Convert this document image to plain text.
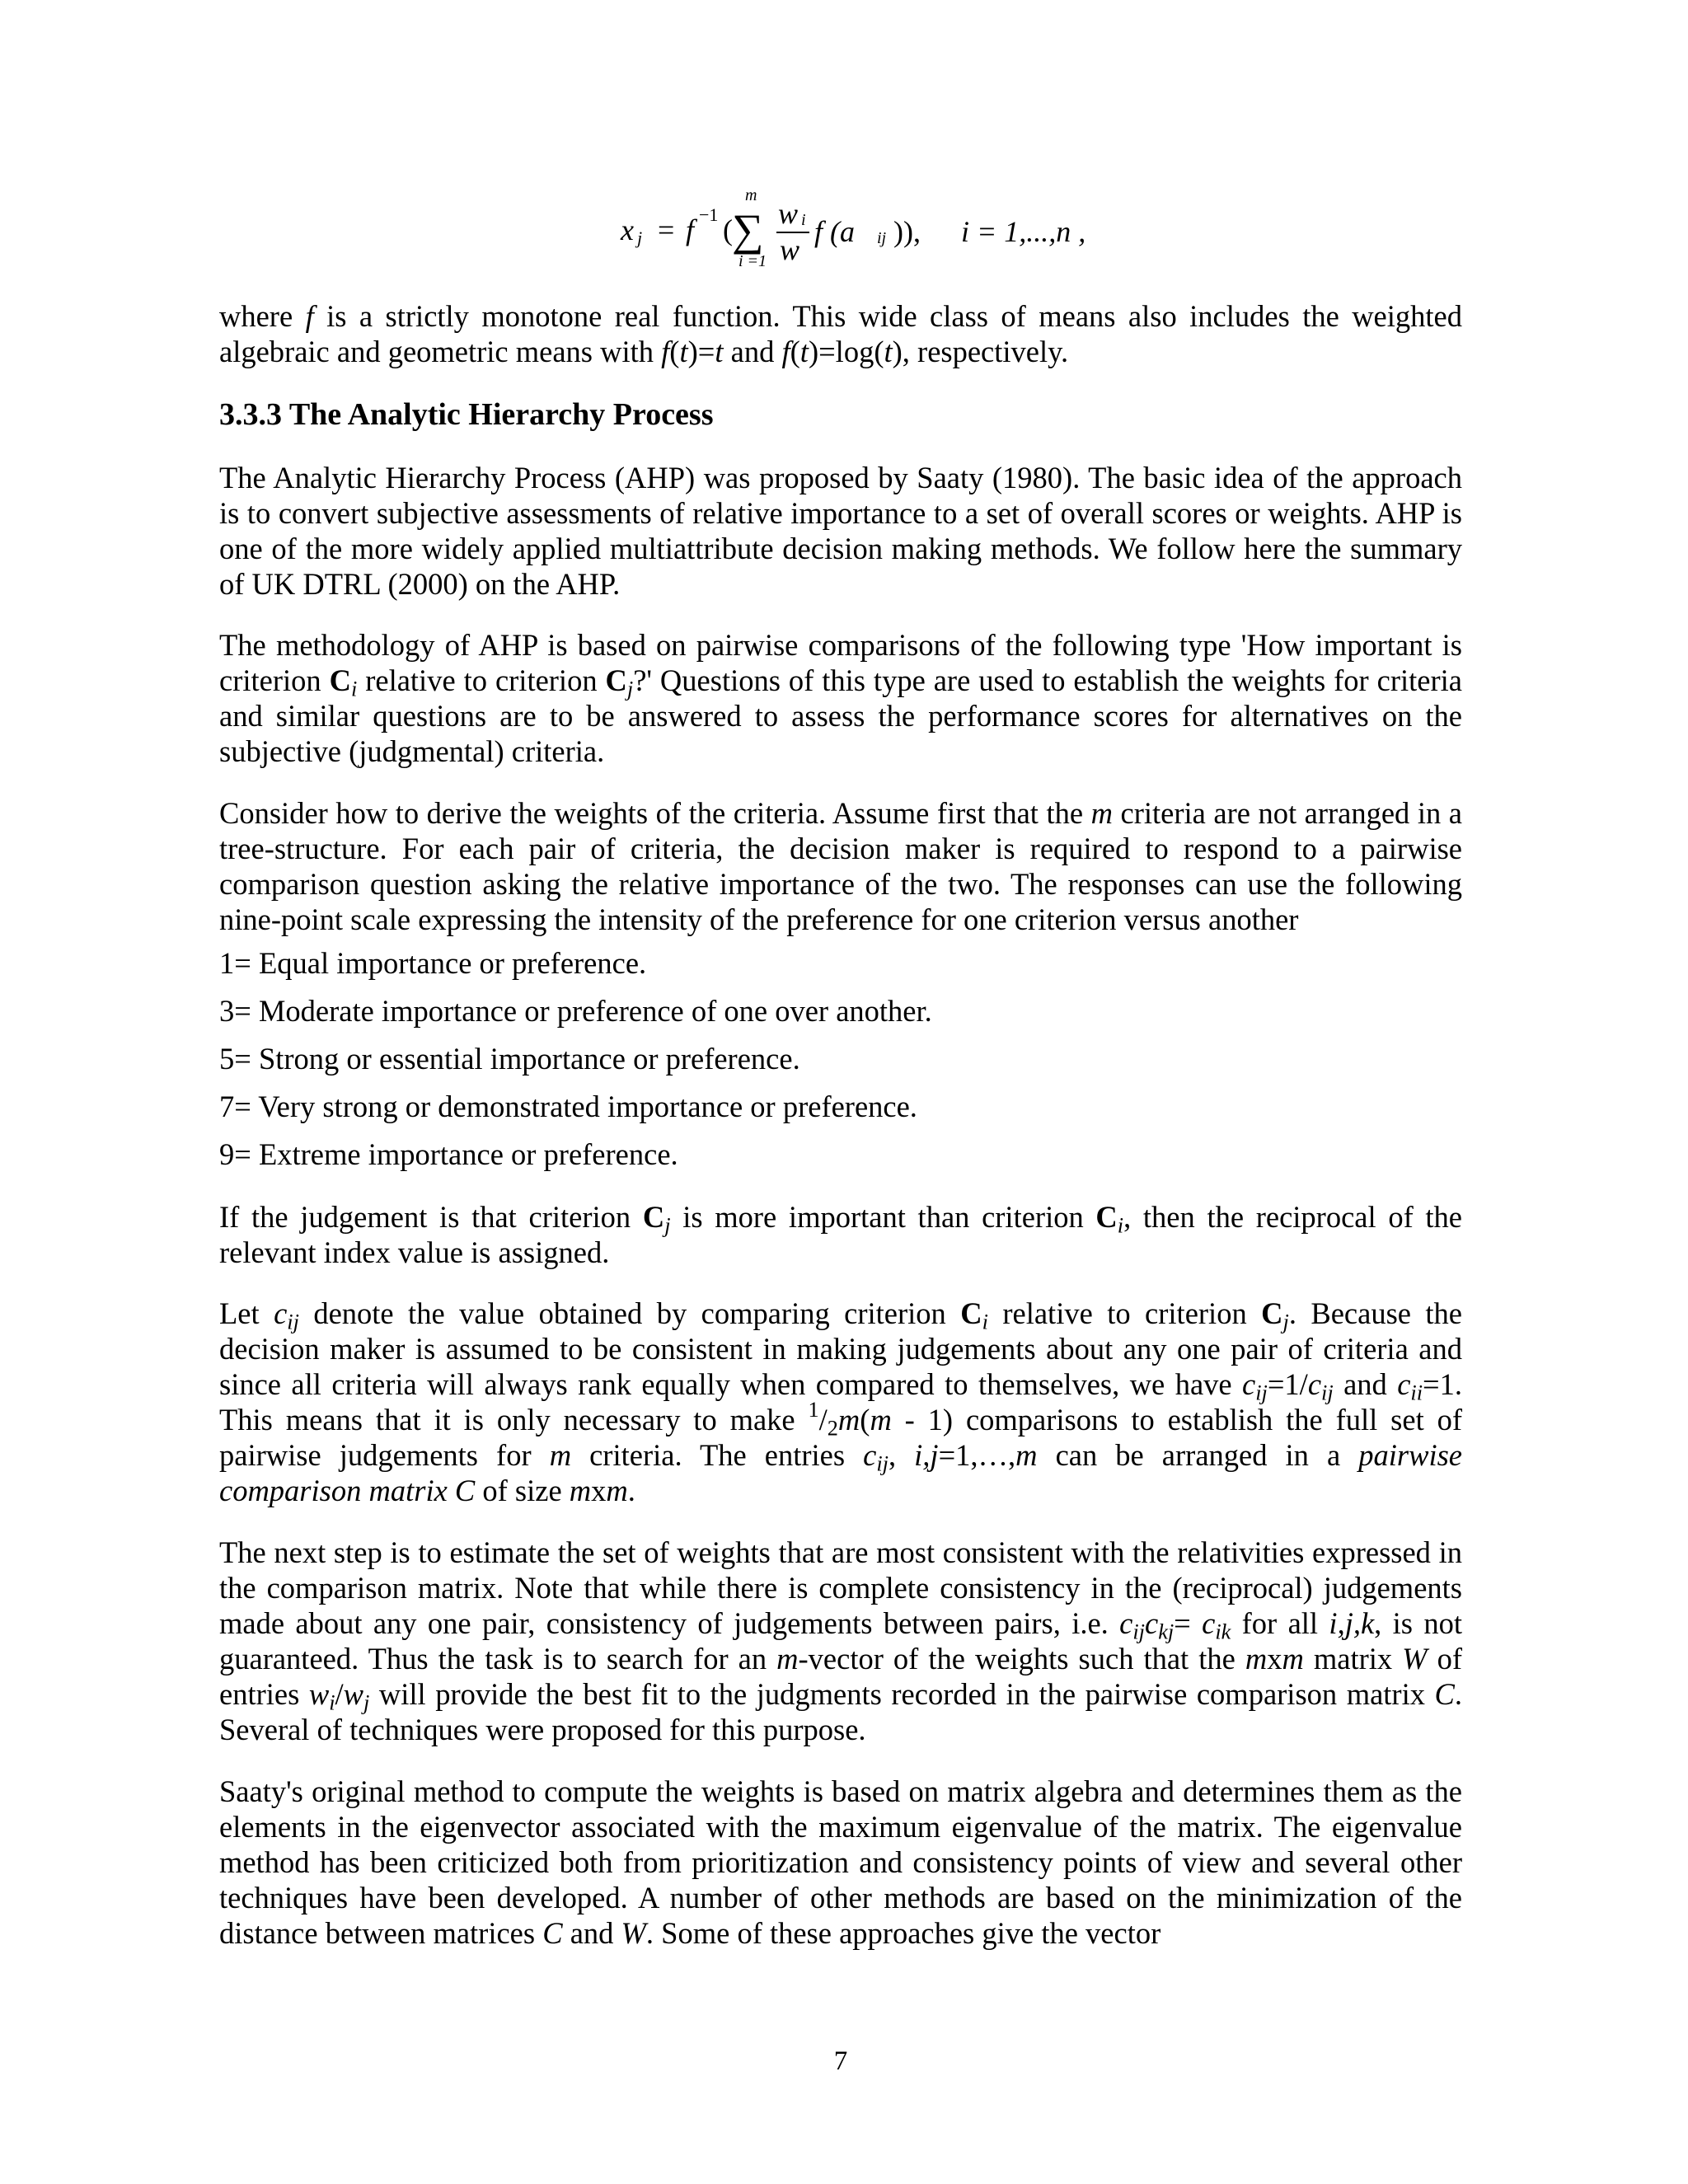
x j = f −1 ( ∑
m
i =1
w i
w
f (a ij )), i = 1,...,n ,

where f is a strictly monotone real function. This wide class of means also includes the weighted algebraic and geometric means with f(t)=t and f(t)=log(t), respectively.

3.3.3 The Analytic Hierarchy Process

The Analytic Hierarchy Process (AHP) was proposed by Saaty (1980). The basic idea of the approach is to convert subjective assessments of relative importance to a set of overall scores or weights. AHP is one of the more widely applied multiattribute decision making methods. We follow here the summary of UK DTRL (2000) on the AHP.

The methodology of AHP is based on pairwise comparisons of the following type 'How important is criterion $C_i$ relative to criterion $C_j?'$ Questions of this type are used to establish the weights for criteria and similar questions are to be answered to assess the performance scores for alternatives on the subjective (judgmental) criteria.

Consider how to derive the weights of the criteria. Assume first that the m criteria are not arranged in a tree-structure. For each pair of criteria, the decision maker is required to respond to a pairwise comparison question asking the relative importance of the two. The responses can use the following nine-point scale expressing the intensity of the preference for one criterion versus another

1= Equal importance or preference.

3= Moderate importance or preference of one over another.

5= Strong or essential importance or preference.

7= Very strong or demonstrated importance or preference.

9= Extreme importance or preference.

If the judgement is that criterion $C_j$ is more important than criterion $C_i$, then the reciprocal of the relevant index value is assigned.

Let $c_{ij}$ denote the value obtained by comparing criterion $C_i$ relative to criterion $C_j$. Because the decision maker is assumed to be consistent in making judgements about any one pair of criteria and since all criteria will always rank equally when compared to themselves, we have $c_{ij}=1/c_{ij}$ and $c_{ii}=1$. This means that it is only necessary to make $^1/_2m(m - 1)$ comparisons to establish the full set of pairwise judgements for m criteria. The entries $c_{ij}$, i,j=1,…,m can be arranged in a pairwise comparison matrix C of size mxm.

The next step is to estimate the set of weights that are most consistent with the relativities expressed in the comparison matrix. Note that while there is complete consistency in the (reciprocal) judgements made about any one pair, consistency of judgements between pairs, i.e. $c_{ij}c_{kj}= c_{ik}$ for all i,j,k, is not guaranteed. Thus the task is to search for an m-vector of the weights such that the mxm matrix W of entries $w_i/w_j$ will provide the best fit to the judgments recorded in the pairwise comparison matrix C. Several of techniques were proposed for this purpose.

Saaty's original method to compute the weights is based on matrix algebra and determines them as the elements in the eigenvector associated with the maximum eigenvalue of the matrix. The eigenvalue method has been criticized both from prioritization and consistency points of view and several other techniques have been developed. A number of other methods are based on the minimization of the distance between matrices C and W. Some of these approaches give the vector

7
